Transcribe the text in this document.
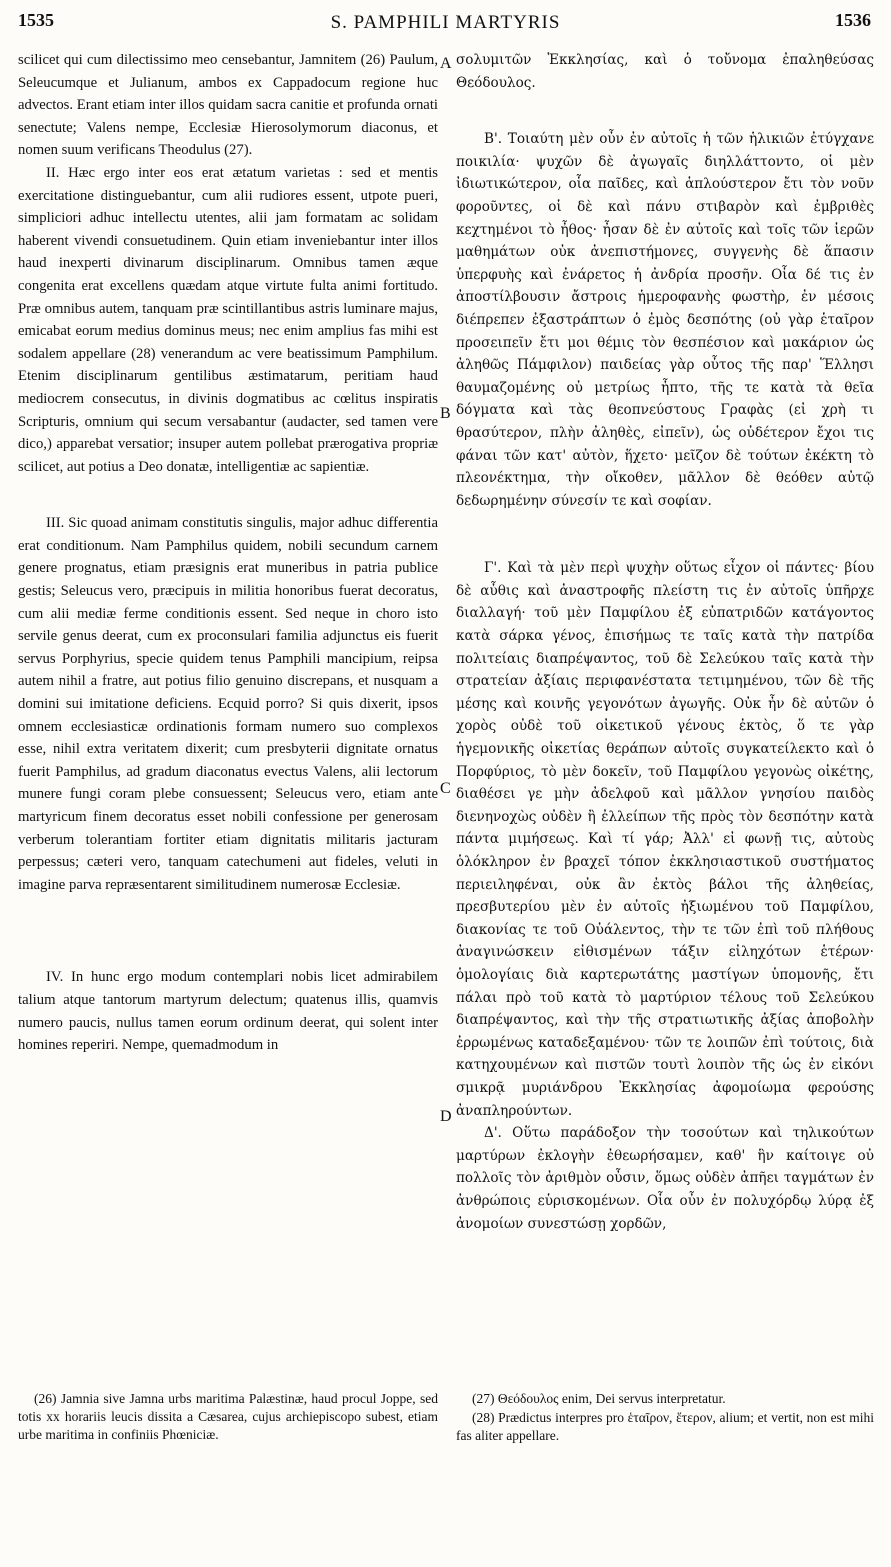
1535	S. PAMPHILI MARTYRIS	1536
A
B
C
D

scilicet qui cum dilectissimo meo censebantur, Jamnitem (26) Paulum, Seleucumque et Julianum, ambos ex Cappadocum regione huc advectos. Erant etiam inter illos quidam sacra canitie et profunda ornati senectute; Valens nempe, Ecclesiæ Hierosolymorum diaconus, et nomen suum verificans Theodulus (27).

II. Hæc ergo inter eos erat ætatum varietas : sed et mentis exercitatione distinguebantur, cum alii rudiores essent, utpote pueri, simpliciori adhuc intellectu utentes, alii jam formatam ac solidam haberent vivendi consuetudinem. Quin etiam inveniebantur inter illos haud inexperti divinarum disciplinarum. Omnibus tamen æque congenita erat excellens quædam atque virtute fulta animi fortitudo. Præ omnibus autem, tanquam præ scintillantibus astris luminare majus, emicabat eorum medius dominus meus; nec enim amplius fas mihi est sodalem appellare (28) venerandum ac vere beatissimum Pamphilum. Etenim disciplinarum gentilibus æstimatarum, peritiam haud mediocrem consecutus, in divinis dogmatibus ac cœlitus inspiratis Scripturis, omnium qui secum versabantur (audacter, sed tamen vere dico,) apparebat versatior; insuper autem pollebat prærogativa propriæ scilicet, aut potius a Deo donatæ, intelligentiæ ac sapientiæ.

III. Sic quoad animam constitutis singulis, major adhuc differentia erat conditionum. Nam Pamphilus quidem, nobili secundum carnem genere prognatus, etiam præsignis erat muneribus in patria publice gestis; Seleucus vero, præcipuis in militia honoribus fuerat decoratus, cum alii mediæ ferme conditionis essent. Sed neque in choro isto servile genus deerat, cum ex proconsulari familia adjunctus eis fuerit servus Porphyrius, specie quidem tenus Pamphili mancipium, reipsa autem nihil a fratre, aut potius filio genuino discrepans, et nusquam a domini sui imitatione deficiens. Ecquid porro? Si quis dixerit, ipsos omnem ecclesiasticæ ordinationis formam numero suo complexos esse, nihil extra veritatem dixerit; cum presbyterii dignitate ornatus fuerit Pamphilus, ad gradum diaconatus evectus Valens, alii lectorum munere fungi coram plebe consuessent; Seleucus vero, etiam ante martyricum finem decoratus esset nobili confessione per generosam verberum tolerantiam fortiter etiam dignitatis militaris jacturam perpessus; cæteri vero, tanquam catechumeni aut fideles, veluti in imagine parva repræsentarent similitudinem numerosæ Ecclesiæ.

IV. In hunc ergo modum contemplari nobis licet admirabilem talium atque tantorum martyrum delectum; quatenus illis, quamvis numero paucis, nullus tamen eorum ordinum deerat, qui solent inter homines reperiri. Nempe, quemadmodum in

σολυμιτῶν Ἐκκλησίας, καὶ ὁ τοὔνομα ἐπαληθεύσας Θεόδουλος.

Β'. Τοιαύτη μὲν οὖν ἐν αὐτοῖς ἡ τῶν ἡλικιῶν ἐτύγχανε ποικιλία· ψυχῶν δὲ ἀγωγαῖς διηλλάττοντο, οἱ μὲν ἰδιωτικώτερον, οἷα παῖδες, καὶ ἁπλούστερον ἔτι τὸν νοῦν φοροῦντες, οἱ δὲ καὶ πάνυ στιβαρὸν καὶ ἐμβριθὲς κεχτημένοι τὸ ἦθος· ἦσαν δὲ ἐν αὐτοῖς καὶ τοῖς τῶν ἱερῶν μαθημάτων οὐκ ἀνεπιστήμονες, συγγενὴς δὲ ἅπασιν ὑπερφυὴς καὶ ἐνάρετος ἡ ἀνδρία προσῆν. Οἷα δέ τις ἐν ἀποστίλβουσιν ἄστροις ἡμεροφανὴς φωστὴρ, ἐν μέσοις διέπρεπεν ἐξαστράπτων ὁ ἐμὸς δεσπότης (οὐ γὰρ ἑταῖρον προσειπεῖν ἔτι μοι θέμις τὸν θεσπέσιον καὶ μακάριον ὡς ἀληθῶς Πάμφιλον) παιδείας γὰρ οὗτος τῆς παρ' Ἕλλησι θαυμαζομένης οὐ μετρίως ἧπτο, τῆς τε κατὰ τὰ θεῖα δόγματα καὶ τὰς θεοπνεύστους Γραφὰς (εἰ χρὴ τι θρασύτερον, πλὴν ἀληθὲς, εἰπεῖν), ὡς οὐδέτερον ἔχοι τις φάναι τῶν κατ' αὐτὸν, ἥχετο· μεῖζον δὲ τούτων ἐκέκτη τὸ πλεονέκτημα, τὴν οἴκοθεν, μᾶλλον δὲ θεόθεν αὐτῷ δεδωρημένην σύνεσίν τε καὶ σοφίαν.

Γ'. Καὶ τὰ μὲν περὶ ψυχὴν οὕτως εἶχον οἱ πάντες· βίου δὲ αὖθις καὶ ἀναστροφῆς πλείστη τις ἐν αὐτοῖς ὑπῆρχε διαλλαγή· τοῦ μὲν Παμφίλου ἐξ εὐπατριδῶν κατάγοντος κατὰ σάρκα γένος, ἐπισήμως τε ταῖς κατὰ τὴν πατρίδα πολιτείαις διαπρέψαντος, τοῦ δὲ Σελεύκου ταῖς κατὰ τὴν στρατείαν ἀξίαις περιφανέστατα τετιμημένου, τῶν δὲ τῆς μέσης καὶ κοινῆς γεγονότων ἀγωγῆς. Οὐκ ἦν δὲ αὐτῶν ὁ χορὸς οὐδὲ τοῦ οἰκετικοῦ γένους ἐκτὸς, ὅ τε γὰρ ἡγεμονικῆς οἰκετίας θεράπων αὐτοῖς συγκατείλεκτο καὶ ὁ Πορφύριος, τὸ μὲν δοκεῖν, τοῦ Παμφίλου γεγονὼς οἰκέτης, διαθέσει γε μὴν ἀδελφοῦ καὶ μᾶλλον γνησίου παιδὸς διενηνοχὼς οὐδὲν ἢ ἐλλείπων τῆς πρὸς τὸν δεσπότην κατὰ πάντα μιμήσεως. Καὶ τί γάρ; Ἀλλ' εἰ φωνῇ τις, αὐτοὺς ὁλόκληρον ἐν βραχεῖ τόπον ἐκκλησιαστικοῦ συστήματος περιειληφέναι, οὐκ ἂν ἐκτὸς βάλοι τῆς ἀληθείας, πρεσβυτερίου μὲν ἐν αὐτοῖς ἠξιωμένου τοῦ Παμφίλου, διακονίας τε τοῦ Οὐάλεντος, τὴν τε τῶν ἐπὶ τοῦ πλήθους ἀναγινώσκειν εἰθισμένων τάξιν εἰληχότων ἑτέρων· ὁμολογίαις διὰ καρτερωτάτης μαστίγων ὑπομονῆς, ἔτι πάλαι πρὸ τοῦ κατὰ τὸ μαρτύριον τέλους τοῦ Σελεύκου διαπρέψαντος, καὶ τὴν τῆς στρατιωτικῆς ἀξίας ἀποβολὴν ἐρρωμένως καταδεξαμένου· τῶν τε λοιπῶν ἐπὶ τούτοις, διὰ κατηχουμένων καὶ πιστῶν τουτὶ λοιπὸν τῆς ὡς ἐν εἰκόνι σμικρᾷ μυριάνδρου Ἐκκλησίας ἀφομοίωμα φερούσης ἀναπληρούντων.

Δ'. Οὕτω παράδοξον τὴν τοσούτων καὶ τηλικούτων μαρτύρων ἐκλογὴν ἐθεωρήσαμεν, καθ' ἣν καίτοιγε οὐ πολλοῖς τὸν ἀριθμὸν οὖσιν, ὅμως οὐδὲν ἀπῆει ταγμάτων ἐν ἀνθρώποις εὑρισκομένων. Οἷα οὖν ἐν πολυχόρδῳ λύρᾳ ἐξ ἀνομοίων συνεστώσῃ χορδῶν,

(26) Jamnia sive Jamna urbs maritima Palæstinæ, haud procul Joppe, sed totis xx horariis leucis dissita a Cæsarea, cujus archiepiscopo subest, etiam urbe maritima in confiniis Phœniciæ.

(27) Θεόδουλος enim, Dei servus interpretatur.

(28) Prædictus interpres pro ἑταῖρον, ἕτερον, alium; et vertit, non est mihi fas aliter appellare.
